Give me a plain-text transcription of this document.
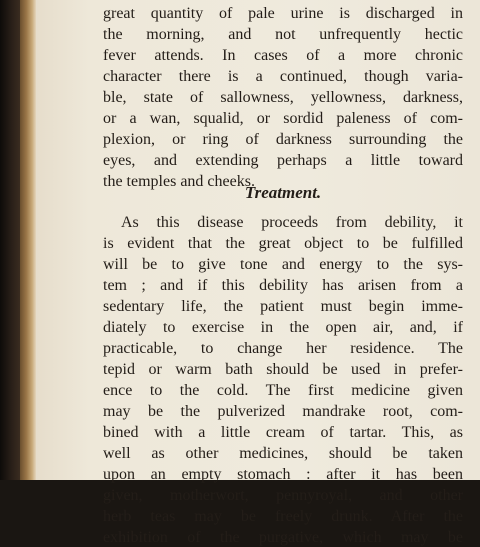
great quantity of pale urine is discharged in
the morning, and not unfrequently hectic
fever attends. In cases of a more chronic
character there is a continued, though varia-
ble, state of sallowness, yellowness, darkness,
or a wan, squalid, or sordid paleness of com-
plexion, or ring of darkness surrounding the
eyes, and extending perhaps a little toward
the temples and cheeks.
Treatment.
As this disease proceeds from debility, it
is evident that the great object to be fulfilled
will be to give tone and energy to the sys-
tem ; and if this debility has arisen from a
sedentary life, the patient must begin imme-
diately to exercise in the open air, and, if
practicable, to change her residence. The
tepid or warm bath should be used in prefer-
ence to the cold. The first medicine given
may be the pulverized mandrake root, com-
bined with a little cream of tartar. This, as
well as other medicines, should be taken
upon an empty stomach : after it has been
given, motherwort, pennyroyal, and other
herb teas may be freely drunk. After the
exhibition of the purgative, which may be
